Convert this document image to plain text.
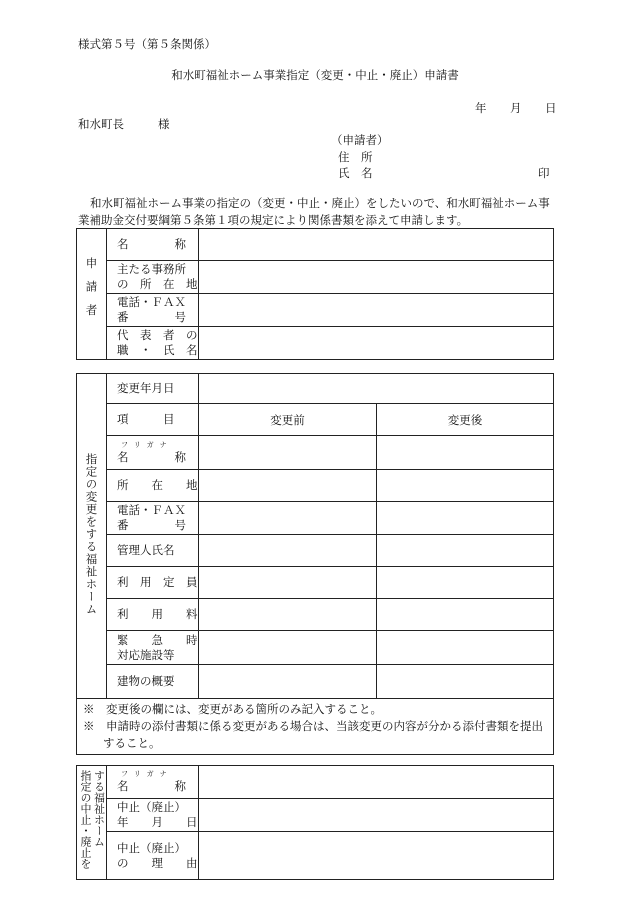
様式第５号（第５条関係）
和水町福祉ホーム事業指定（変更・中止・廃止）申請書
年 月 日
和水町長	様
（申請者）
住　所
氏　名	印
和水町福祉ホーム事業の指定の（変更・中止・廃止）をしたいので、和水町福祉ホーム事業補助金交付要綱第５条第１項の規定により関係書類を添えて申請します。
申請者	名　　　　称	

	主たる事務所
の　所　在　地	

	電話・ＦＡＸ
番　　　　号	

	代　表　者　の
職　・　氏　名	

指定の変更をする福祉ホーム	変更年月日		
	項　　　目	変更前	変更後

	フリガナ
名　　　　称		

	所　　在　　地		

	電話・ＦＡＸ
番　　　　号		

	管理人氏名		
	利　用　定　員		
	利　　用　　料		

	緊　　急　　時
対応施設等		

	建物の概要		

※　 変更後の欄には、変更がある箇所のみ記入すること。
※　 申請時の添付書類に係る変更がある場合は、当該変更の内容が分かる添付書類を提出すること。			
指定の中止・廃止を	する福祉ホーム	フリガナ
名　　　　称	

		中止（廃止）
年　　月　　日	

		中止（廃止）
の　　理　　由	
